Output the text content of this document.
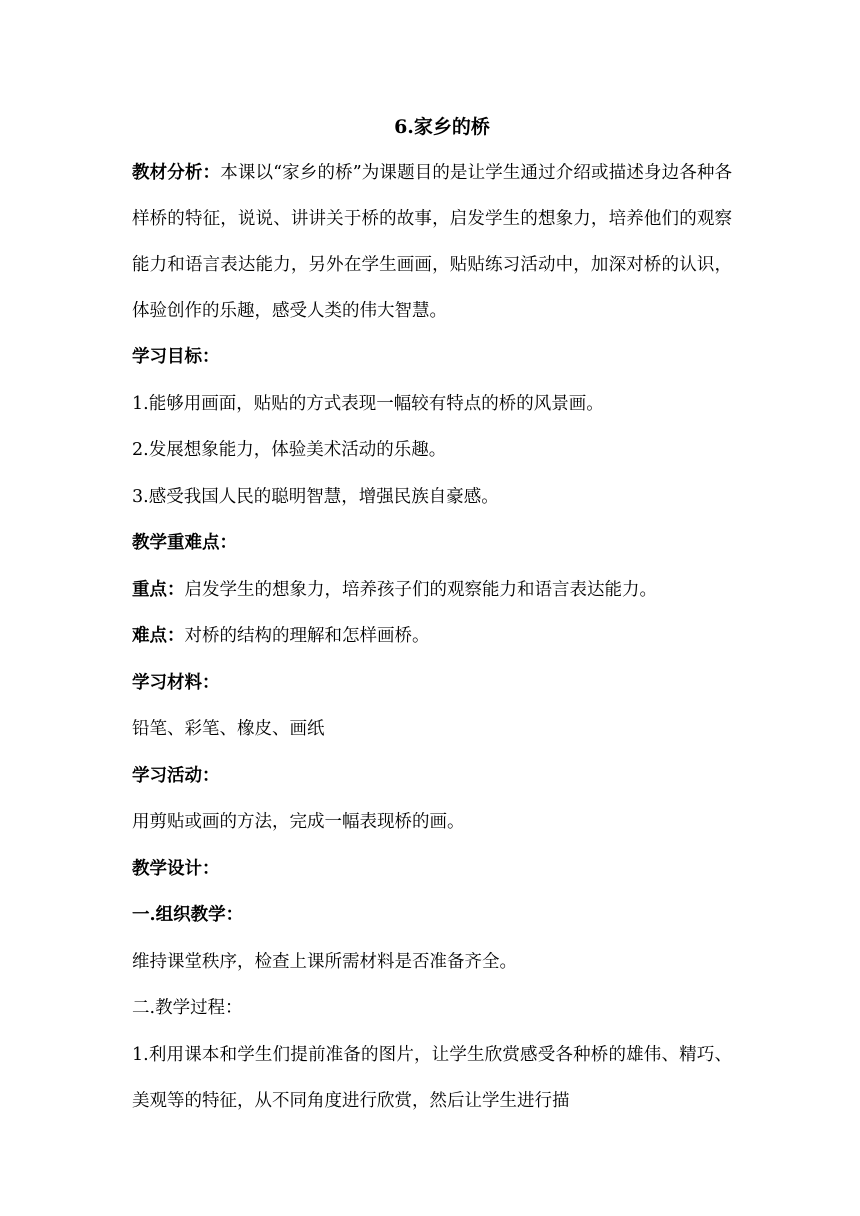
6.家乡的桥

教材分析：本课以“家乡的桥”为课题目的是让学生通过介绍或描述身边各种各样桥的特征，说说、讲讲关于桥的故事，启发学生的想象力，培养他们的观察能力和语言表达能力，另外在学生画画，贴贴练习活动中，加深对桥的认识，体验创作的乐趣，感受人类的伟大智慧。

学习目标：

1.能够用画面，贴贴的方式表现一幅较有特点的桥的风景画。

2.发展想象能力，体验美术活动的乐趣。

3.感受我国人民的聪明智慧，增强民族自豪感。

教学重难点：

重点：启发学生的想象力，培养孩子们的观察能力和语言表达能力。

难点：对桥的结构的理解和怎样画桥。

学习材料：

铅笔、彩笔、橡皮、画纸

学习活动：

用剪贴或画的方法，完成一幅表现桥的画。

教学设计：

一.组织教学：

维持课堂秩序，检查上课所需材料是否准备齐全。

二.教学过程：

1.利用课本和学生们提前准备的图片，让学生欣赏感受各种桥的雄伟、精巧、美观等的特征，从不同角度进行欣赏，然后让学生进行描
